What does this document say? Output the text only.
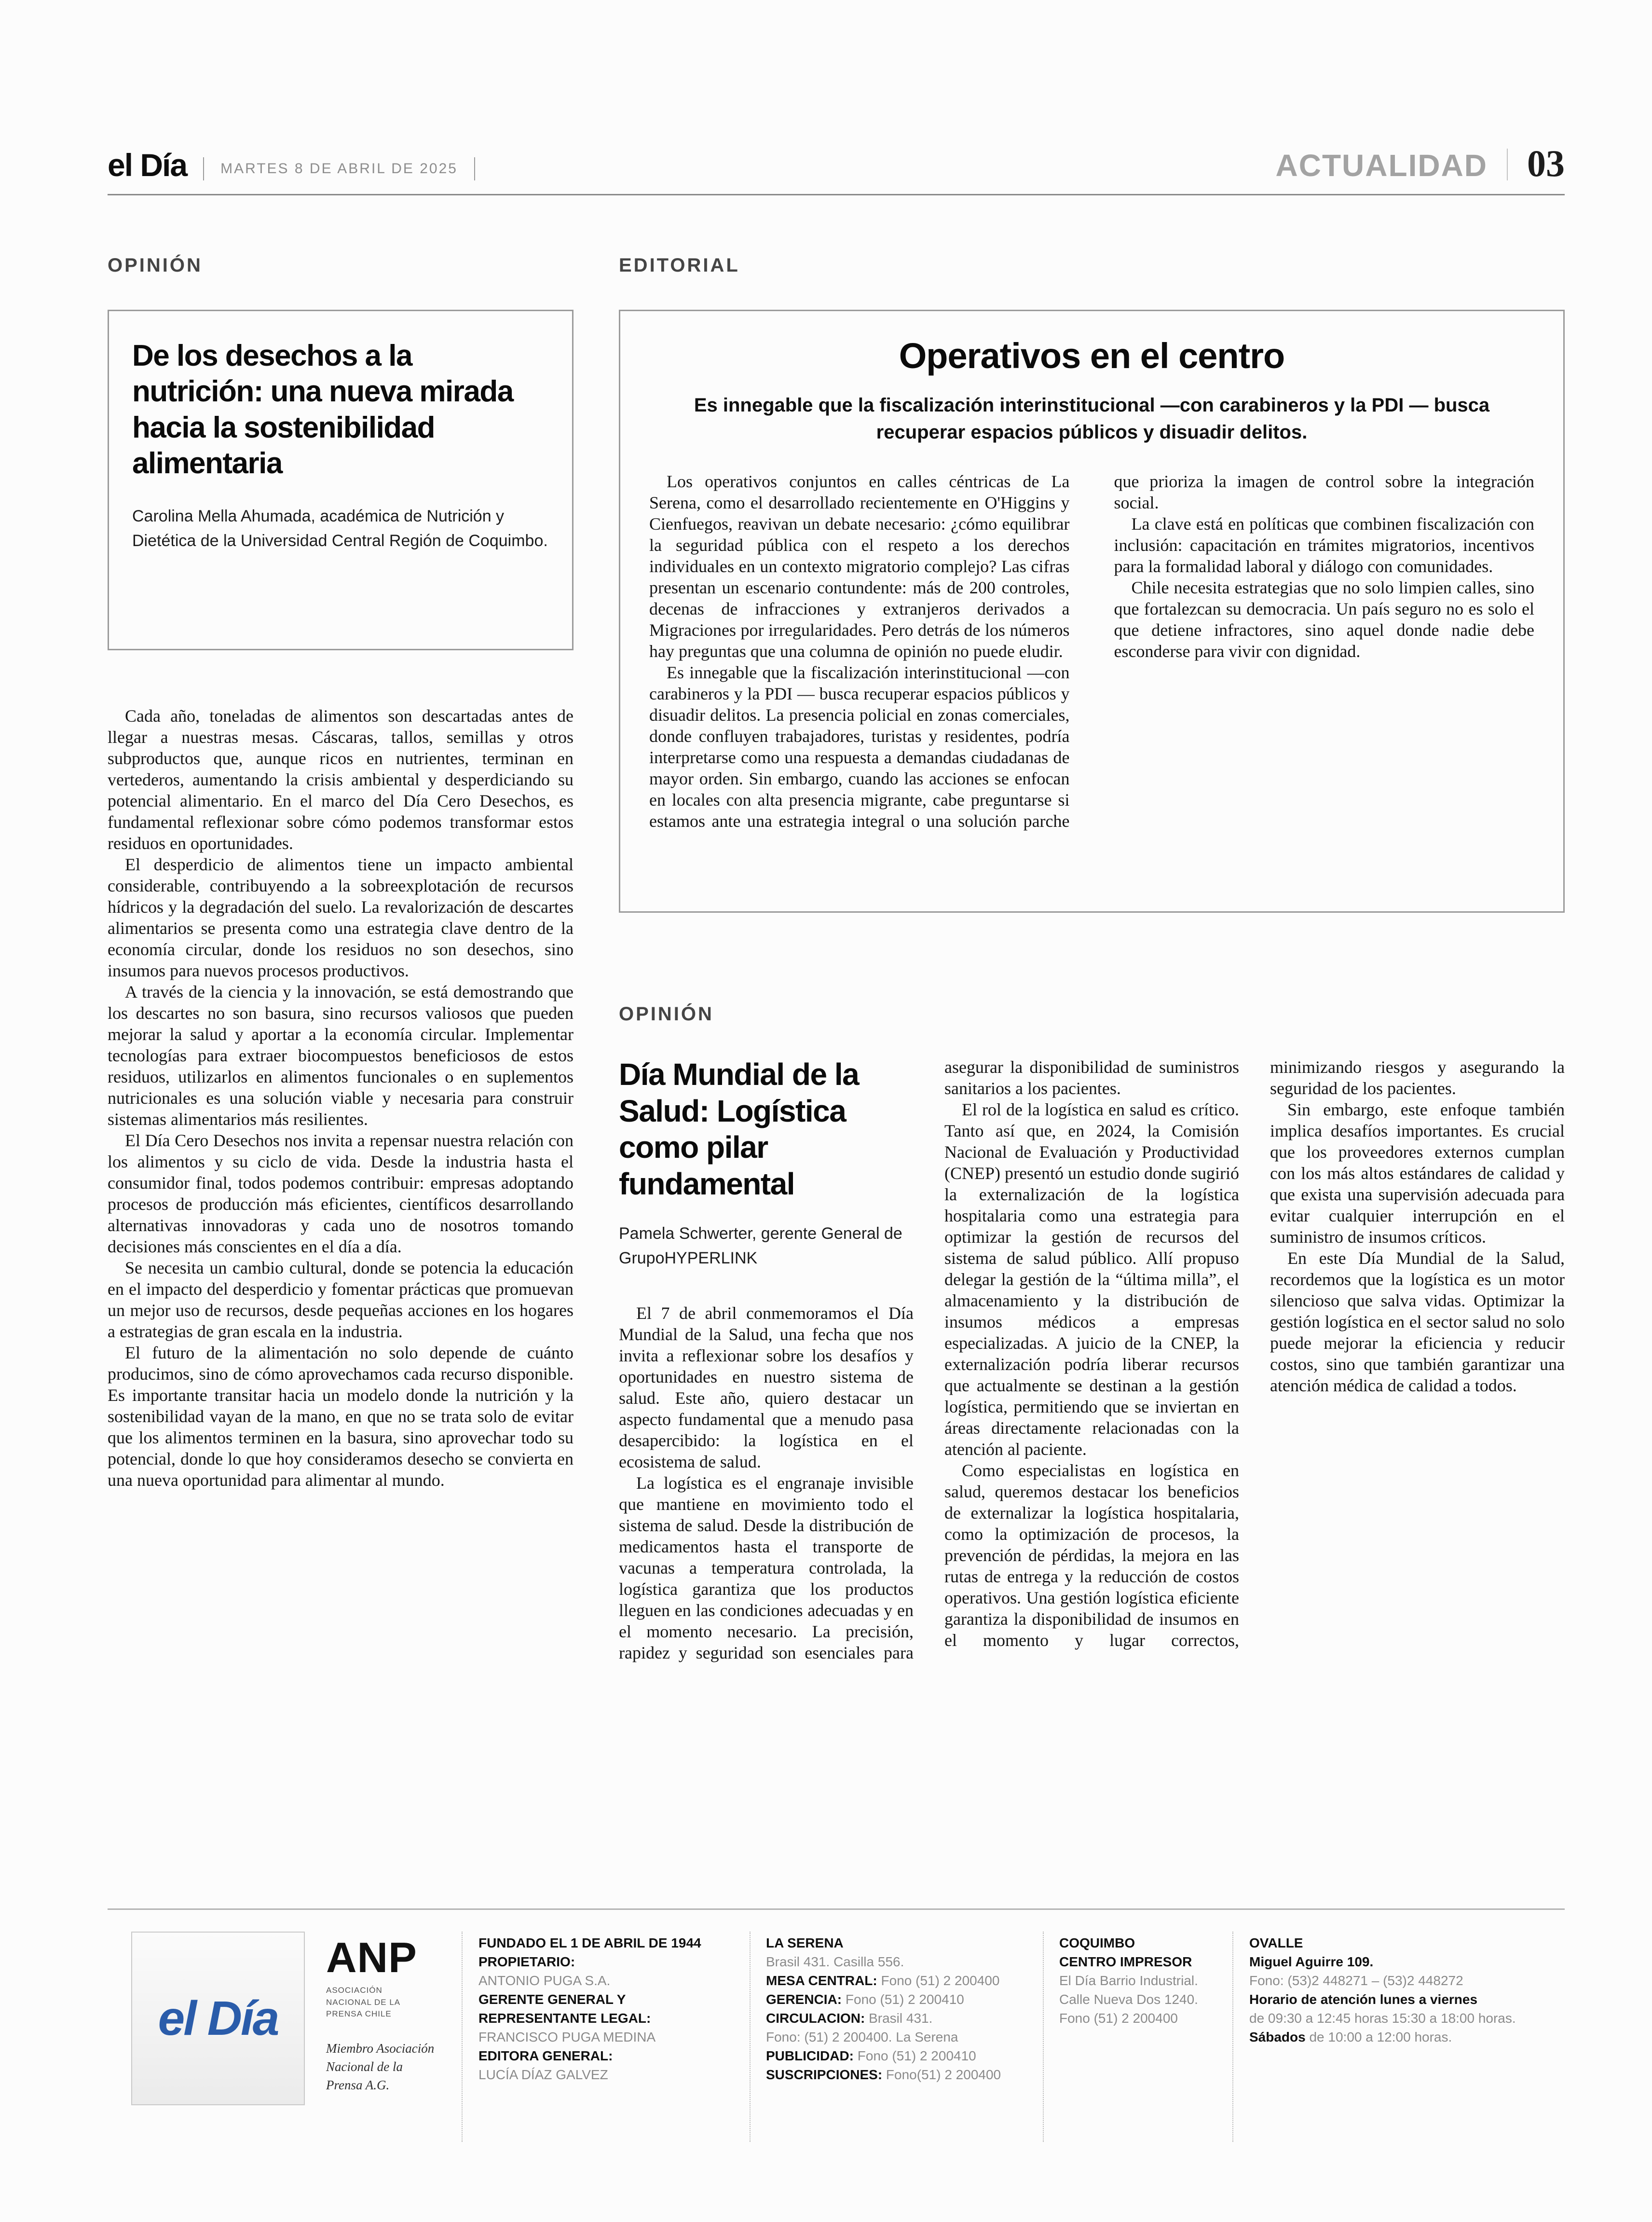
el Día MARTES 8 DE ABRIL DE 2025	ACTUALIDAD 03
OPINIÓN	EDITORIAL
OPINIÓN
De los desechos a la nutrición: una nueva mirada hacia la sostenibilidad alimentaria
Carolina Mella Ahumada, académica de Nutrición y Dietética de la Universidad Central Región de Coquimbo.

Cada año, toneladas de alimentos son descartadas antes de llegar a nuestras mesas. Cáscaras, tallos, semillas y otros subproductos que, aunque ricos en nutrientes, terminan en vertederos, aumentando la crisis ambiental y desperdiciando su potencial alimentario. En el marco del Día Cero Desechos, es fundamental reflexionar sobre cómo podemos transformar estos residuos en oportunidades.

El desperdicio de alimentos tiene un impacto ambiental considerable, contribuyendo a la sobreexplotación de recursos hídricos y la degradación del suelo. La revalorización de descartes alimentarios se presenta como una estrategia clave dentro de la economía circular, donde los residuos no son desechos, sino insumos para nuevos procesos productivos.

A través de la ciencia y la innovación, se está demostrando que los descartes no son basura, sino recursos valiosos que pueden mejorar la salud y aportar a la economía circular. Implementar tecnologías para extraer biocompuestos beneficiosos de estos residuos, utilizarlos en alimentos funcionales o en suplementos nutricionales es una solución viable y necesaria para construir sistemas alimentarios más resilientes.

El Día Cero Desechos nos invita a repensar nuestra relación con los alimentos y su ciclo de vida. Desde la industria hasta el consumidor final, todos podemos contribuir: empresas adoptando procesos de producción más eficientes, científicos desarrollando alternativas innovadoras y cada uno de nosotros tomando decisiones más conscientes en el día a día.

Se necesita un cambio cultural, donde se potencia la educación en el impacto del desperdicio y fomentar prácticas que promuevan un mejor uso de recursos, desde pequeñas acciones en los hogares a estrategias de gran escala en la industria.

El futuro de la alimentación no solo depende de cuánto producimos, sino de cómo aprovechamos cada recurso disponible. Es importante transitar hacia un modelo donde la nutrición y la sostenibilidad vayan de la mano, en que no se trata solo de evitar que los alimentos terminen en la basura, sino aprovechar todo su potencial, donde lo que hoy consideramos desecho se convierta en una nueva oportunidad para alimentar al mundo.

Operativos en el centro
Es innegable que la fiscalización interinstitucional —con carabineros y la PDI — busca recuperar espacios públicos y disuadir delitos.

Los operativos conjuntos en calles céntricas de La Serena, como el desarrollado recientemente en O'Higgins y Cienfuegos, reavivan un debate necesario: ¿cómo equilibrar la seguridad pública con el respeto a los derechos individuales en un contexto migratorio complejo? Las cifras presentan un escenario contundente: más de 200 controles, decenas de infracciones y extranjeros derivados a Migraciones por irregularidades. Pero detrás de los números hay preguntas que una columna de opinión no puede eludir.

Es innegable que la fiscalización interinstitucional —con carabineros y la PDI — busca recuperar espacios públicos y disuadir delitos. La presencia policial en zonas comerciales, donde confluyen trabajadores, turistas y residentes, podría interpretarse como una respuesta a demandas ciudadanas de mayor orden. Sin embargo, cuando las acciones se enfocan en locales con alta presencia migrante, cabe preguntarse si estamos ante una estrategia integral o una solución parche que prioriza la imagen de control sobre la integración social.

La clave está en políticas que combinen fiscalización con inclusión: capacitación en trámites migratorios, incentivos para la formalidad laboral y diálogo con comunidades.

Chile necesita estrategias que no solo limpien calles, sino que fortalezcan su democracia. Un país seguro no es solo el que detiene infractores, sino aquel donde nadie debe esconderse para vivir con dignidad.

Día Mundial de la Salud: Logística como pilar fundamental
Pamela Schwerter, gerente General de GrupoHYPERLINK

El 7 de abril conmemoramos el Día Mundial de la Salud, una fecha que nos invita a reflexionar sobre los desafíos y oportunidades en nuestro sistema de salud. Este año, quiero destacar un aspecto fundamental que a menudo pasa desapercibido: la logística en el ecosistema de salud.

La logística es el engranaje invisible que mantiene en movimiento todo el sistema de salud. Desde la distribución de medicamentos hasta el transporte de vacunas a temperatura controlada, la logística garantiza que los productos lleguen en las condiciones adecuadas y en el momento necesario. La precisión, rapidez y seguridad son esenciales para asegurar la disponibilidad de suministros sanitarios a los pacientes.

El rol de la logística en salud es crítico. Tanto así que, en 2024, la Comisión Nacional de Evaluación y Productividad (CNEP) presentó un estudio donde sugirió la externalización de la logística hospitalaria como una estrategia para optimizar la gestión de recursos del sistema de salud público. Allí propuso delegar la gestión de la “última milla”, el almacenamiento y la distribución de insumos médicos a empresas especializadas. A juicio de la CNEP, la externalización podría liberar recursos que actualmente se destinan a la gestión logística, permitiendo que se inviertan en áreas directamente relacionadas con la atención al paciente.

Como especialistas en logística en salud, queremos destacar los beneficios de externalizar la logística hospitalaria, como la optimización de procesos, la prevención de pérdidas, la mejora en las rutas de entrega y la reducción de costos operativos. Una gestión logística eficiente garantiza la disponibilidad de insumos en el momento y lugar correctos, minimizando riesgos y asegurando la seguridad de los pacientes.

Sin embargo, este enfoque también implica desafíos importantes. Es crucial que los proveedores externos cumplan con los más altos estándares de calidad y que exista una supervisión adecuada para evitar cualquier interrupción en el suministro de insumos críticos.

En este Día Mundial de la Salud, recordemos que la logística es un motor silencioso que salva vidas. Optimizar la gestión logística en el sector salud no solo puede mejorar la eficiencia y reducir costos, sino que también garantizar una atención médica de calidad a todos.

el Día
ANP
ASOCIACIÓN NACIONAL DE LA PRENSA CHILE
Miembro Asociación Nacional de la Prensa A.G.
FUNDADO EL 1 DE ABRIL DE 1944
PROPIETARIO:
ANTONIO PUGA S.A.
GERENTE GENERAL Y
REPRESENTANTE LEGAL:
FRANCISCO PUGA MEDINA
EDITORA GENERAL:
LUCÍA DÍAZ GALVEZ
LA SERENA
Brasil 431. Casilla 556.
MESA CENTRAL: Fono (51) 2 200400
GERENCIA: Fono (51) 2 200410
CIRCULACION: Brasil 431.
Fono: (51) 2 200400. La Serena
PUBLICIDAD: Fono (51) 2 200410
SUSCRIPCIONES: Fono(51) 2 200400
COQUIMBO
CENTRO IMPRESOR
El Día Barrio Industrial.
Calle Nueva Dos 1240.
Fono (51) 2 200400
OVALLE
Miguel Aguirre 109.
Fono: (53)2 448271 – (53)2 448272
Horario de atención lunes a viernes
de 09:30 a 12:45 horas 15:30 a 18:00 horas.
Sábados de 10:00 a 12:00 horas.
